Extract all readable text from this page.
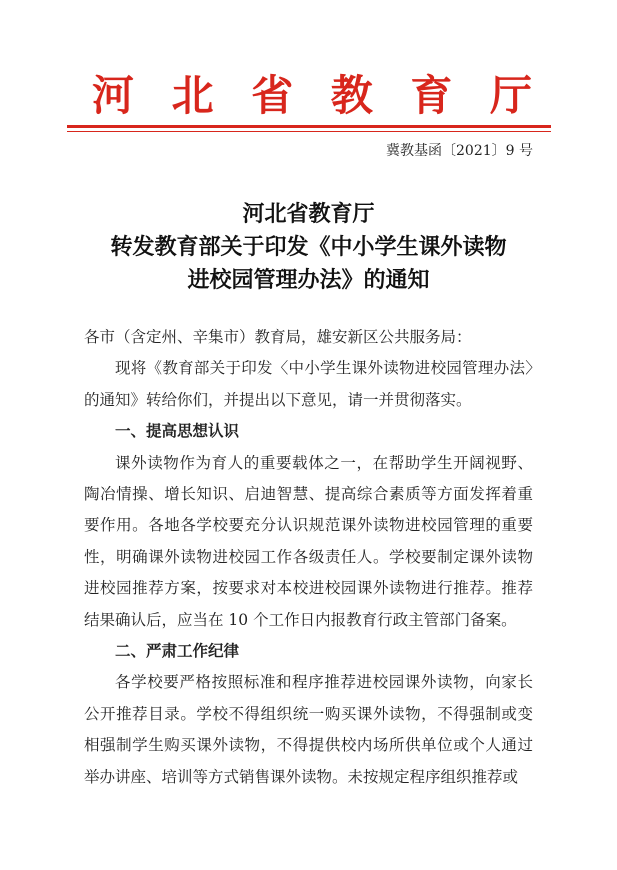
河 北 省 教 育 厅
冀教基函〔2021〕9 号
河北省教育厅
转发教育部关于印发《中小学生课外读物
进校园管理办法》的通知

各市（含定州、辛集市）教育局，雄安新区公共服务局：

现将《教育部关于印发〈中小学生课外读物进校园管理办法〉的通知》转给你们，并提出以下意见，请一并贯彻落实。

一、提高思想认识

课外读物作为育人的重要载体之一，在帮助学生开阔视野、陶冶情操、增长知识、启迪智慧、提高综合素质等方面发挥着重要作用。各地各学校要充分认识规范课外读物进校园管理的重要性，明确课外读物进校园工作各级责任人。学校要制定课外读物进校园推荐方案，按要求对本校进校园课外读物进行推荐。推荐结果确认后，应当在 10 个工作日内报教育行政主管部门备案。

二、严肃工作纪律

各学校要严格按照标准和程序推荐进校园课外读物，向家长公开推荐目录。学校不得组织统一购买课外读物，不得强制或变相强制学生购买课外读物，不得提供校内场所供单位或个人通过举办讲座、培训等方式销售课外读物。未按规定程序组织推荐或
